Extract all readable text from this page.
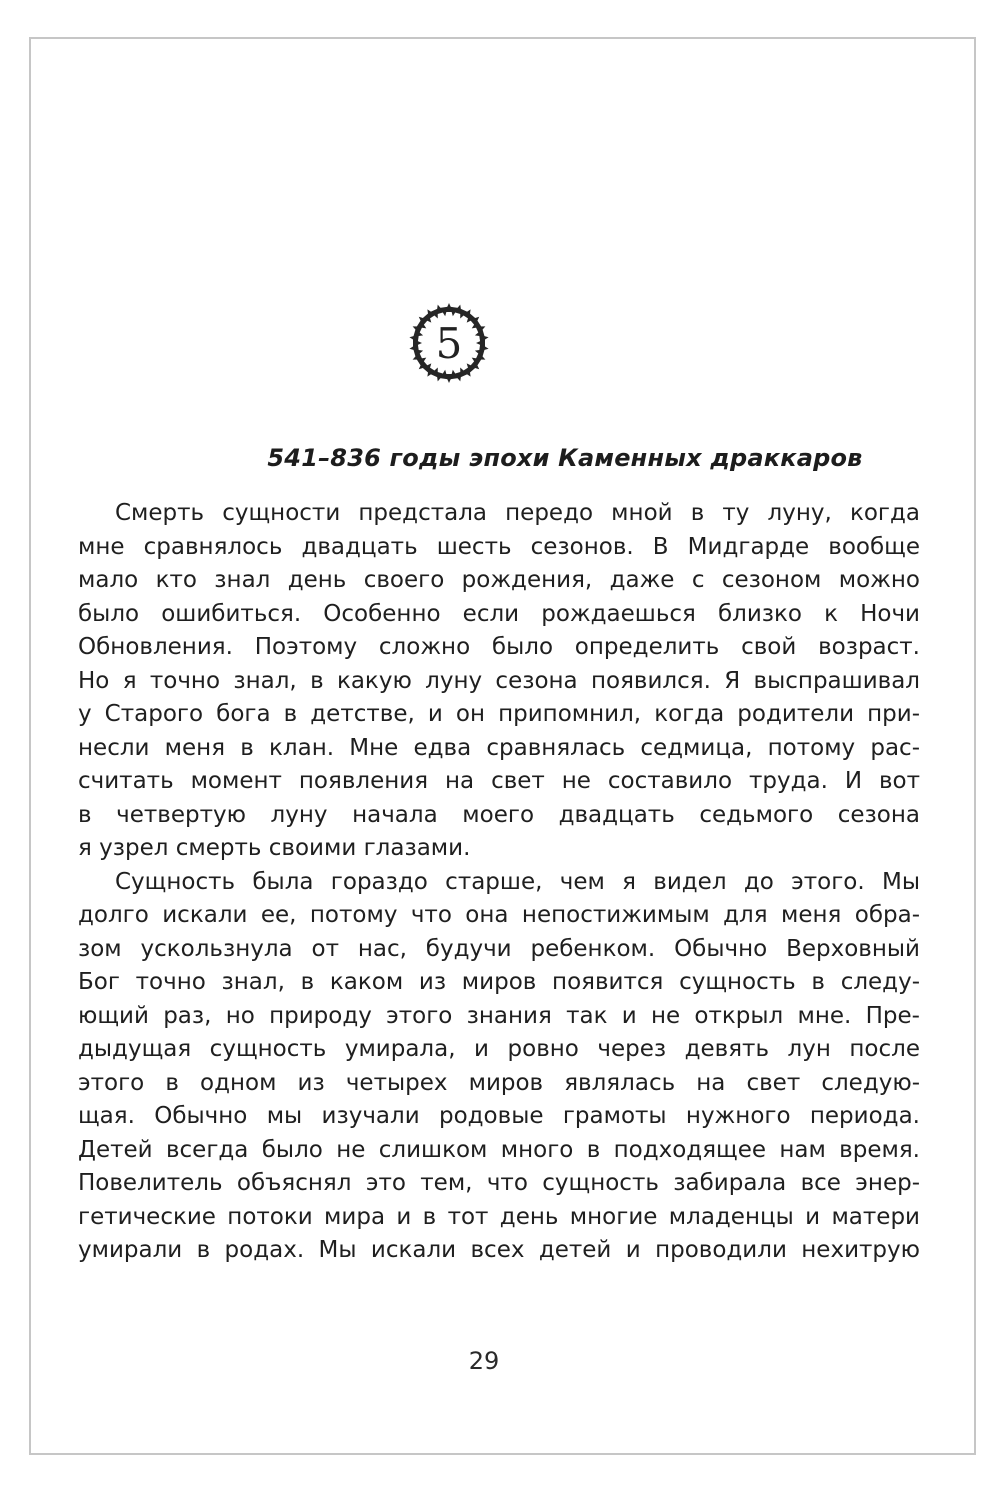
5
541–836 годы эпохи Каменных драккаров
Смерть сущности предстала передо мной в ту луну, когда
мне сравнялось двадцать шесть сезонов. В Мидгарде вообще
мало кто знал день своего рождения, даже с сезоном можно
было ошибиться. Особенно если рождаешься близко к Ночи
Обновления. Поэтому сложно было определить свой возраст.
Но я точно знал, в какую луну сезона появился. Я выспрашивал
у Старого бога в детстве, и он припомнил, когда родители при-
несли меня в клан. Мне едва сравнялась седмица, потому рас-
считать момент появления на свет не составило труда. И вот
в четвертую луну начала моего двадцать седьмого сезона
я узрел смерть своими глазами.
Сущность была гораздо старше, чем я видел до этого. Мы
долго искали ее, потому что она непостижимым для меня обра-
зом ускользнула от нас, будучи ребенком. Обычно Верховный
Бог точно знал, в каком из миров появится сущность в следу-
ющий раз, но природу этого знания так и не открыл мне. Пре-
дыдущая сущность умирала, и ровно через девять лун после
этого в одном из четырех миров являлась на свет следую-
щая. Обычно мы изучали родовые грамоты нужного периода.
Детей всегда было не слишком много в подходящее нам время.
Повелитель объяснял это тем, что сущность забирала все энер-
гетические потоки мира и в тот день многие младенцы и матери
умирали в родах. Мы искали всех детей и проводили нехитрую
29
